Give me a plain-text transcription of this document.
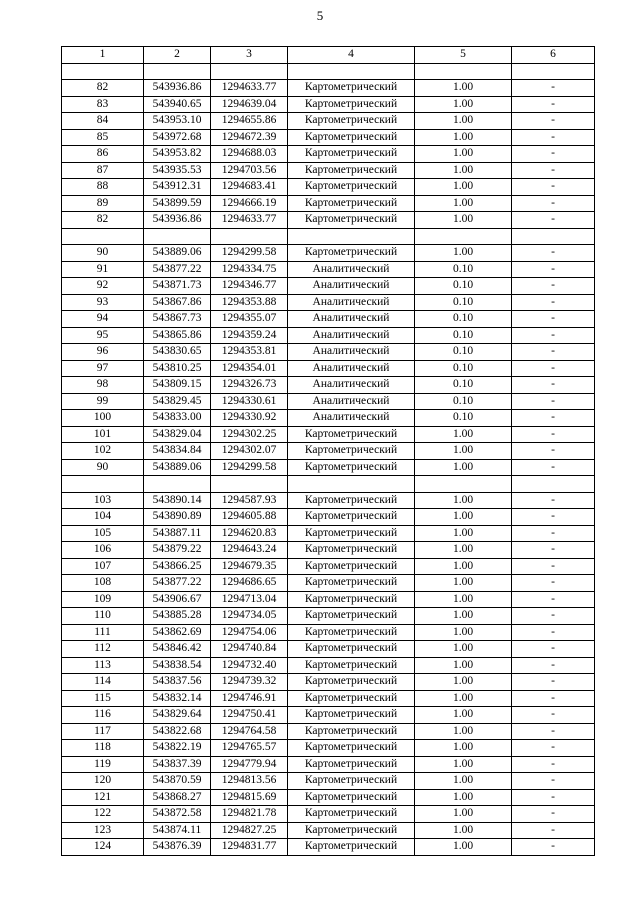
5
1	2	3	4	5	6

82	543936.86	1294633.77	Картометрический	1.00	-
83	543940.65	1294639.04	Картометрический	1.00	-
84	543953.10	1294655.86	Картометрический	1.00	-
85	543972.68	1294672.39	Картометрический	1.00	-
86	543953.82	1294688.03	Картометрический	1.00	-
87	543935.53	1294703.56	Картометрический	1.00	-
88	543912.31	1294683.41	Картометрический	1.00	-
89	543899.59	1294666.19	Картометрический	1.00	-
82	543936.86	1294633.77	Картометрический	1.00	-

90	543889.06	1294299.58	Картометрический	1.00	-
91	543877.22	1294334.75	Аналитический	0.10	-
92	543871.73	1294346.77	Аналитический	0.10	-
93	543867.86	1294353.88	Аналитический	0.10	-
94	543867.73	1294355.07	Аналитический	0.10	-
95	543865.86	1294359.24	Аналитический	0.10	-
96	543830.65	1294353.81	Аналитический	0.10	-
97	543810.25	1294354.01	Аналитический	0.10	-
98	543809.15	1294326.73	Аналитический	0.10	-
99	543829.45	1294330.61	Аналитический	0.10	-
100	543833.00	1294330.92	Аналитический	0.10	-
101	543829.04	1294302.25	Картометрический	1.00	-
102	543834.84	1294302.07	Картометрический	1.00	-
90	543889.06	1294299.58	Картометрический	1.00	-

103	543890.14	1294587.93	Картометрический	1.00	-
104	543890.89	1294605.88	Картометрический	1.00	-
105	543887.11	1294620.83	Картометрический	1.00	-
106	543879.22	1294643.24	Картометрический	1.00	-
107	543866.25	1294679.35	Картометрический	1.00	-
108	543877.22	1294686.65	Картометрический	1.00	-
109	543906.67	1294713.04	Картометрический	1.00	-
110	543885.28	1294734.05	Картометрический	1.00	-
111	543862.69	1294754.06	Картометрический	1.00	-
112	543846.42	1294740.84	Картометрический	1.00	-
113	543838.54	1294732.40	Картометрический	1.00	-
114	543837.56	1294739.32	Картометрический	1.00	-
115	543832.14	1294746.91	Картометрический	1.00	-
116	543829.64	1294750.41	Картометрический	1.00	-
117	543822.68	1294764.58	Картометрический	1.00	-
118	543822.19	1294765.57	Картометрический	1.00	-
119	543837.39	1294779.94	Картометрический	1.00	-
120	543870.59	1294813.56	Картометрический	1.00	-
121	543868.27	1294815.69	Картометрический	1.00	-
122	543872.58	1294821.78	Картометрический	1.00	-
123	543874.11	1294827.25	Картометрический	1.00	-
124	543876.39	1294831.77	Картометрический	1.00	-
